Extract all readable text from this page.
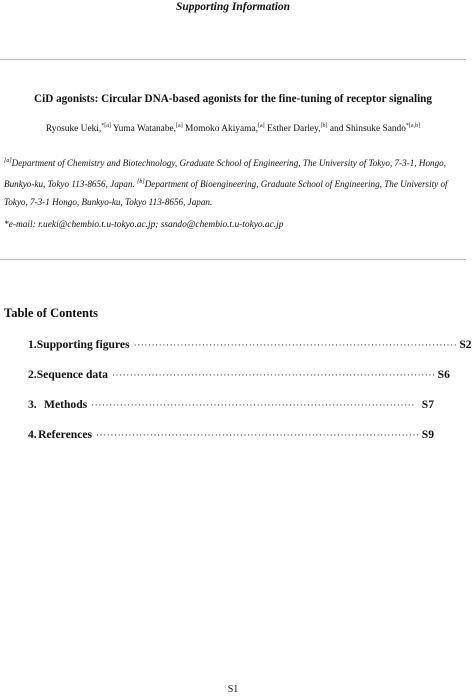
Supporting Information
CiD agonists: Circular DNA-based agonists for the fine-tuning of receptor signaling
Ryosuke Ueki,$^{*[a]}$ Yuma Watanabe,[a] Momoko Akiyama,[a] Esther Darley,[b] and Shinsuke Sando$^{*[a,b]}$

[a]Department of Chemistry and Biotechnology, Graduate School of Engineering, The University of Tokyo, 7-3-1, Hongo, Bunkyo-ku, Tokyo 113-8656, Japan. [b]Department of Bioengineering, Graduate School of Engineering, The University of Tokyo, 7-3-1 Hongo, Bunkyo-ku, Tokyo 113-8656, Japan.

*e-mail: r.ueki@chembio.t.u-tokyo.ac.jp; ssando@chembio.t.u-tokyo.ac.jp
Table of Contents
1. Supporting figures ·························································································· S2
2. Sequence data ·························································································· S6
3. Methods ·························································································· S7
4. References ·························································································· S9
S1
